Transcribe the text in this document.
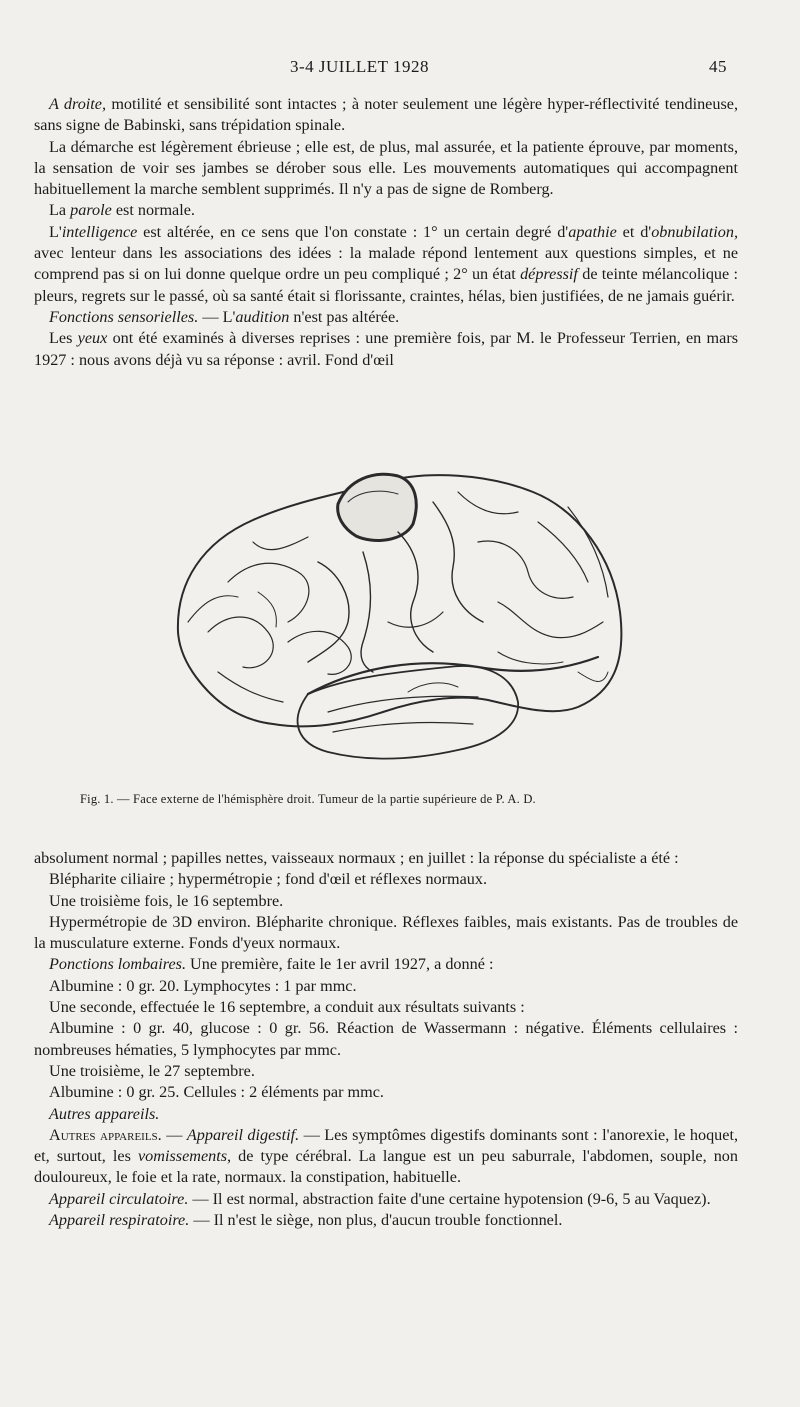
3-4 JUILLET 1928	45

A droite, motilité et sensibilité sont intactes ; à noter seulement une légère hyper-réflectivité tendineuse, sans signe de Babinski, sans trépidation spinale.

La démarche est légèrement ébrieuse ; elle est, de plus, mal assurée, et la patiente éprouve, par moments, la sensation de voir ses jambes se dérober sous elle. Les mouvements automatiques qui accompagnent habituellement la marche semblent supprimés. Il n'y a pas de signe de Romberg.

La parole est normale.

L'intelligence est altérée, en ce sens que l'on constate : 1° un certain degré d'apathie et d'obnubilation, avec lenteur dans les associations des idées : la malade répond lentement aux questions simples, et ne comprend pas si on lui donne quelque ordre un peu compliqué ; 2° un état dépressif de teinte mélancolique : pleurs, regrets sur le passé, où sa santé était si florissante, craintes, hélas, bien justifiées, de ne jamais guérir.

Fonctions sensorielles. — L'audition n'est pas altérée.

Les yeux ont été examinés à diverses reprises : une première fois, par M. le Professeur Terrien, en mars 1927 : nous avons déjà vu sa réponse : avril. Fond d'œil

Fig. 1. — Face externe de l'hémisphère droit. Tumeur de la partie supérieure de P. A. D.

absolument normal ; papilles nettes, vaisseaux normaux ; en juillet : la réponse du spécialiste a été :

Blépharite ciliaire ; hypermétropie ; fond d'œil et réflexes normaux.

Une troisième fois, le 16 septembre.

Hypermétropie de 3D environ. Blépharite chronique. Réflexes faibles, mais existants. Pas de troubles de la musculature externe. Fonds d'yeux normaux.

Ponctions lombaires. Une première, faite le 1er avril 1927, a donné :

Albumine : 0 gr. 20. Lymphocytes : 1 par mmc.

Une seconde, effectuée le 16 septembre, a conduit aux résultats suivants :

Albumine : 0 gr. 40, glucose : 0 gr. 56. Réaction de Wassermann : négative. Éléments cellulaires : nombreuses hématies, 5 lymphocytes par mmc.

Une troisième, le 27 septembre.

Albumine : 0 gr. 25. Cellules : 2 éléments par mmc.

Autres appareils.

Autres appareils. — Appareil digestif. — Les symptômes digestifs dominants sont : l'anorexie, le hoquet, et, surtout, les vomissements, de type cérébral. La langue est un peu saburrale, l'abdomen, souple, non douloureux, le foie et la rate, normaux. la constipation, habituelle.

Appareil circulatoire. — Il est normal, abstraction faite d'une certaine hypotension (9-6, 5 au Vaquez).

Appareil respiratoire. — Il n'est le siège, non plus, d'aucun trouble fonctionnel.
